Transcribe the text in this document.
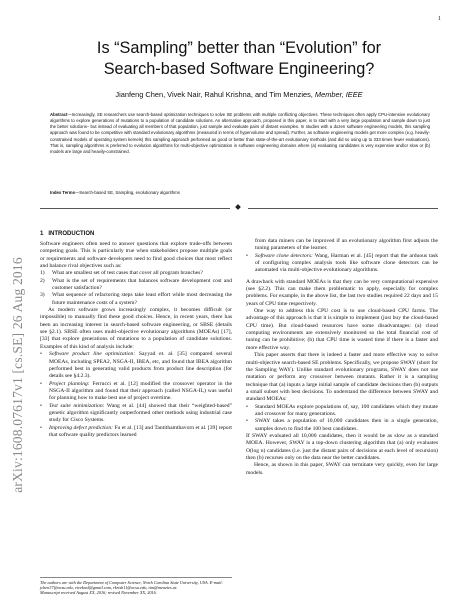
1
arXiv:1608.07617v1 [cs.SE] 26 Aug 2016
Is “Sampling” better than “Evolution” for
Search-based Software Engineering?
Jianfeng Chen, Vivek Nair, Rahul Krishna, and Tim Menzies, Member, IEEE

Abstract—Increasingly, SE researchers use search-based optimization techniques to solve SE problems with multiple conflicting objectives. These techniques often apply CPU-intensive evolutionary algorithms to explore generations of mutations to a population of candidate solutions. An alternative approach, proposed in this paper, is to start with a very large population and sample down to just the better solutions– but instead of evaluating all members of that population, just sample and evaluate pairs of distant examples. In studies with a dozen software engineering models, this sampling approach was found to be competitive with standard evolutionary algorithms (measured in terms of hypervolume and spread). Further, as software engineering models get more complex (e.g. heavily-constrained models of operating system kernels) this sampling approach performed as good or better than state-of-the-art evolutionary methods (and did so using up to 333 times fewer evaluations). That is, sampling algorithms is preferred to evolution algorithms for multi-objective optimization in software engineering domains where (a) evaluating candidates is very expensive and/or slow or (b) models are large and heavily-constrained.

Index Terms—Search-based SE, Sampling, evolutionary algorithms
1 INTRODUCTION

Software engineers often need to answer questions that explore trade-offs between competing goals. This is particularly true when stakeholders propose multiple goals or requirements and software developers need to find good choices that most reflect and balance rival objectives such as:

1)	What are smallest set of test cases that cover all program branches?
2)	What is the set of requirements that balances software development cost and customer satisfaction?
3)	What sequence of refactoring steps take least effort while most decreasing the future maintenance costs of a system?

As modern software grows increasingly complex, it becomes difficult (or impossible) to manually find these good choices. Hence, in recent years, there has been an increasing interest in search-based software engineering, or SBSE (details see §2.1). SBSE often uses multi-objective evolutionary algorithms (MOEAs) [17], [33] that explore generations of mutations to a population of candidate solutions. Examples of this kind of analysis include:

•	Software product line optimization: Sayyad et. al. [35] compared several MOEAs, including SPEA2, NSGA-II, IBEA, etc, and found that IBEA algorithm performed best in generating valid products from product line description (for details see §4.2.3).
•	Project planning: Ferrucci et al. [12] modified the crossover operator in the NSGA-II algorithm and found that their approach (called NSGA-IIᵥ) was useful for planning how to make best use of project overtime.
•	Test suite minimization: Wang et al. [44] showed that their “weighted-based” genetic algorithm significantly outperformed other methods using industrial case study for Cisco Systems.
•	Improving defect prediction: Fu et al. [13] and Tantithamthavorn et al. [39] report that software quality predictors learned

The authors are with the Department of Computer Science, North Carolina State University, USA. E-mail: jchen37@ncsu.edu, vivekaxl@gmail.com, rkrish11@ncsu.edu, tim@menzies.us

Manuscript received August XX, 2016; revised November XX, 2016.

from data miners can be improved if an evolutionary algorithm first adjusts the tuning parameters of the learner.

•	Software clone detectors: Wang, Harman et al. [45] report that the arduous task of configuring complex analysis tools like software clone detectors can be automated via multi-objective evolutionary algorithms.

A drawback with standard MOEAs is that they can be very computational expensive (see §2.2). This can make them problematic to apply, especially for complex problems. For example, in the above list, the last two studies required 22 days and 15 years of CPU time respectively.

One way to address this CPU cost is to use cloud-based CPU farms. The advantage of this approach is that it is simple to implement (just buy the cloud-based CPU time). But cloud-based resources have some disadvantages: (a) cloud computing environments are extensively monitored so the total financial cost of tuning can be prohibitive; (b) that CPU time is wasted time if there is a faster and more effective way.

This paper asserts that there is indeed a faster and more effective way to solve multi-objective search-based SE problems. Specifically, we propose SWAY (short for the Sampling WAY). Unlike standard evolutionary programs, SWAY does not use mutation or perform any crossover between mutants. Rather it is a sampling technique that (a) inputs a large initial sample of candidate decisions then (b) outputs a small subset with best decisions. To understand the difference between SWAY and standard MOEAs:

•	Standard MOEAs explore populations of, say, 100 candidates which they mutate and crossover for many generations.
•	SWAY takes a population of 10,000 candidates then in a single generation, samples down to find the 100 best candidates.

If SWAY evaluated all 10,000 candidates, then it would be as slow as a standard MOEA. However, SWAY is a top-down clustering algorithm that (a) only evaluates O(log n) candidates (i.e. just the distant pairs of decisions at each level of recursion) then (b) recurses only on the data near the better candidates.

Hence, as shown in this paper, SWAY can terminate very quickly, even for large models.
